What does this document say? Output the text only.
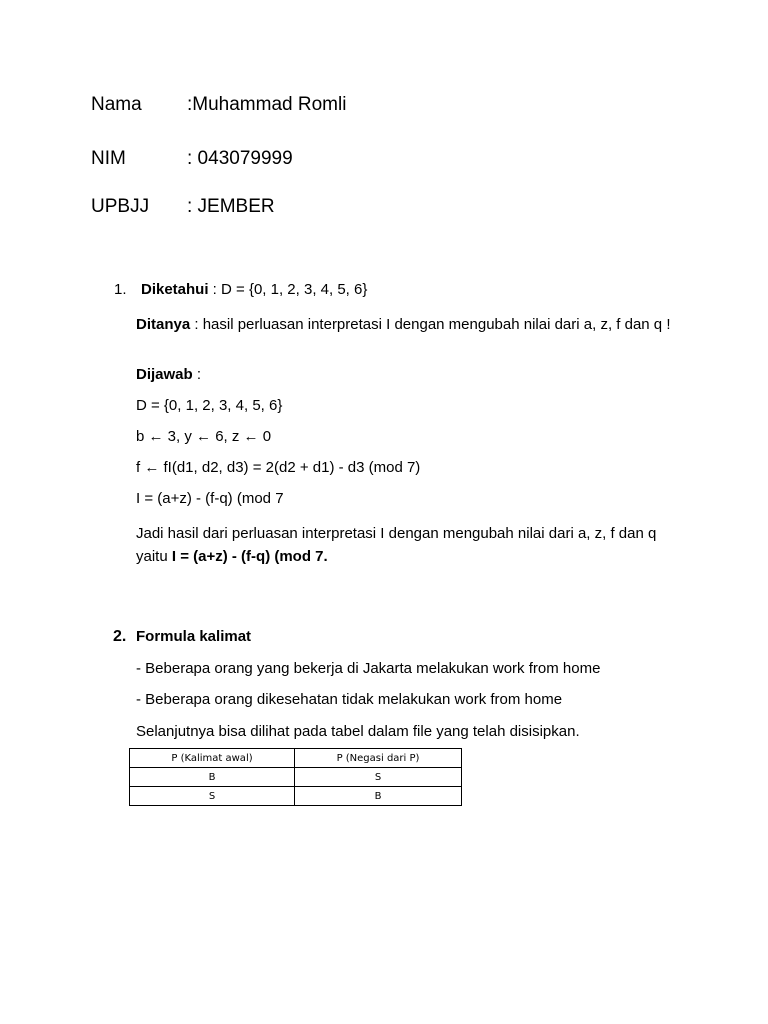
Nama :Muhammad Romli
NIM	: 043079999
UPBJJ : JEMBER
1. Diketahui : D = {0, 1, 2, 3, 4, 5, 6}
Ditanya : hasil perluasan interpretasi I dengan mengubah nilai dari a, z, f dan q !
Dijawab :
D = {0, 1, 2, 3, 4, 5, 6}
b ← 3, y ← 6, z ← 0
f ← fI(d1, d2, d3) = 2(d2 + d1) - d3 (mod 7)
I = (a+z) - (f-q) (mod 7
Jadi hasil dari perluasan interpretasi I dengan mengubah nilai dari a, z, f dan q yaitu I = (a+z) - (f-q) (mod 7.
2. Formula kalimat
- Beberapa orang yang bekerja di Jakarta melakukan work from home
- Beberapa orang dikesehatan tidak melakukan work from home
Selanjutnya bisa dilihat pada tabel dalam file yang telah disisipkan.
P (Kalimat awal)	P (Negasi dari P)
B	S
S	B
